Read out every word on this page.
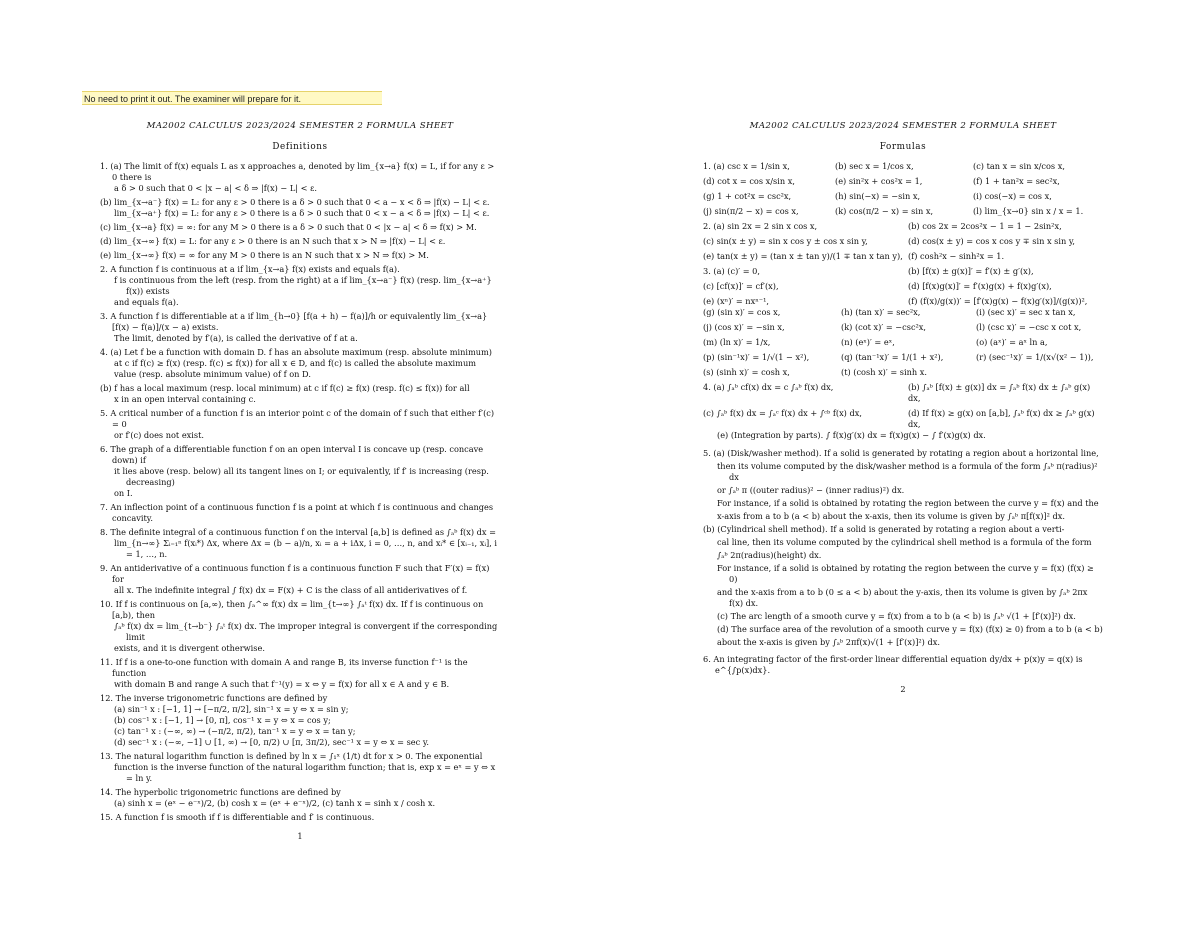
No need to print it out. The examiner will prepare for it.
MA2002 CALCULUS 2023/2024 SEMESTER 2 FORMULA SHEET
Definitions
1. (a) The limit of f(x) equals L as x approaches a, denoted by lim_{x→a} f(x) = L, if for any ε > 0 there is
a δ > 0 such that 0 < |x − a| < δ ⇒ |f(x) − L| < ε.
(b) lim_{x→a⁻} f(x) = L: for any ε > 0 there is a δ > 0 such that 0 < a − x < δ ⇒ |f(x) − L| < ε.
lim_{x→a⁺} f(x) = L: for any ε > 0 there is a δ > 0 such that 0 < x − a < δ ⇒ |f(x) − L| < ε.
(c) lim_{x→a} f(x) = ∞: for any M > 0 there is a δ > 0 such that 0 < |x − a| < δ ⇒ f(x) > M.
(d) lim_{x→∞} f(x) = L: for any ε > 0 there is an N such that x > N ⇒ |f(x) − L| < ε.
(e) lim_{x→∞} f(x) = ∞ for any M > 0 there is an N such that x > N ⇒ f(x) > M.
2. A function f is continuous at a if lim_{x→a} f(x) exists and equals f(a).
f is continuous from the left (resp. from the right) at a if lim_{x→a⁻} f(x) (resp. lim_{x→a⁺} f(x)) exists
and equals f(a).
3. A function f is differentiable at a if lim_{h→0} [f(a + h) − f(a)]/h or equivalently lim_{x→a} [f(x) − f(a)]/(x − a) exists.
The limit, denoted by f′(a), is called the derivative of f at a.
4. (a) Let f be a function with domain D. f has an absolute maximum (resp. absolute minimum)
at c if f(c) ≥ f(x) (resp. f(c) ≤ f(x)) for all x ∈ D, and f(c) is called the absolute maximum
value (resp. absolute minimum value) of f on D.
(b) f has a local maximum (resp. local minimum) at c if f(c) ≥ f(x) (resp. f(c) ≤ f(x)) for all
x in an open interval containing c.
5. A critical number of a function f is an interior point c of the domain of f such that either f′(c) = 0
or f′(c) does not exist.
6. The graph of a differentiable function f on an open interval I is concave up (resp. concave down) if
it lies above (resp. below) all its tangent lines on I; or equivalently, if f′ is increasing (resp. decreasing)
on I.
7. An inflection point of a continuous function f is a point at which f is continuous and changes concavity.
8. The definite integral of a continuous function f on the interval [a,b] is defined as ∫ₐᵇ f(x) dx =
lim_{n→∞} Σᵢ₌₁ⁿ f(xᵢ*) Δx, where Δx = (b − a)/n, xᵢ = a + iΔx, i = 0, …, n, and xᵢ* ∈ [xᵢ₋₁, xᵢ], i = 1, …, n.
9. An antiderivative of a continuous function f is a continuous function F such that F′(x) = f(x) for
all x. The indefinite integral ∫ f(x) dx = F(x) + C is the class of all antiderivatives of f.
10. If f is continuous on [a,∞), then ∫ₐ^∞ f(x) dx = lim_{t→∞} ∫ₐᵗ f(x) dx. If f is continuous on [a,b), then
∫ₐᵇ f(x) dx = lim_{t→b⁻} ∫ₐᵗ f(x) dx. The improper integral is convergent if the corresponding limit
exists, and it is divergent otherwise.
11. If f is a one-to-one function with domain A and range B, its inverse function f⁻¹ is the function
with domain B and range A such that f⁻¹(y) = x ⇔ y = f(x) for all x ∈ A and y ∈ B.
12. The inverse trigonometric functions are defined by
(a) sin⁻¹ x : [−1, 1] → [−π/2, π/2], sin⁻¹ x = y ⇔ x = sin y;
(b) cos⁻¹ x : [−1, 1] → [0, π], cos⁻¹ x = y ⇔ x = cos y;
(c) tan⁻¹ x : (−∞, ∞) → (−π/2, π/2), tan⁻¹ x = y ⇔ x = tan y;
(d) sec⁻¹ x : (−∞, −1] ∪ [1, ∞) → [0, π/2) ∪ [π, 3π/2), sec⁻¹ x = y ⇔ x = sec y.
13. The natural logarithm function is defined by ln x = ∫₁ˣ (1/t) dt for x > 0. The exponential
function is the inverse function of the natural logarithm function; that is, exp x = eˣ = y ⇔ x = ln y.
14. The hyperbolic trigonometric functions are defined by
(a) sinh x = (eˣ − e⁻ˣ)/2, (b) cosh x = (eˣ + e⁻ˣ)/2, (c) tanh x = sinh x / cosh x.
15. A function f is smooth if f is differentiable and f′ is continuous.
1
MA2002 CALCULUS 2023/2024 SEMESTER 2 FORMULA SHEET
Formulas
1. (a) csc x = 1/sin x,	(b) sec x = 1/cos x,	(c) tan x = sin x/cos x,
(d) cot x = cos x/sin x,	(e) sin²x + cos²x = 1,	(f) 1 + tan²x = sec²x,
(g) 1 + cot²x = csc²x,	(h) sin(−x) = −sin x,	(i) cos(−x) = cos x,
(j) sin(π/2 − x) = cos x,	(k) cos(π/2 − x) = sin x,	(l) lim_{x→0} sin x / x = 1.
2. (a) sin 2x = 2 sin x cos x,	(b) cos 2x = 2cos²x − 1 = 1 − 2sin²x,
(c) sin(x ± y) = sin x cos y ± cos x sin y,	(d) cos(x ± y) = cos x cos y ∓ sin x sin y,
(e) tan(x ± y) = (tan x ± tan y)/(1 ∓ tan x tan y), (f) cosh²x − sinh²x = 1.
3. (a) (c)′ = 0,	(b) [f(x) ± g(x)]′ = f′(x) ± g′(x),
(c) [cf(x)]′ = cf′(x),	(d) [f(x)g(x)]′ = f′(x)g(x) + f(x)g′(x),
(e) (xⁿ)′ = nxⁿ⁻¹,	(f) (f(x)/g(x))′ = [f′(x)g(x) − f(x)g′(x)]/(g(x))²,
(g) (sin x)′ = cos x,	(h) (tan x)′ = sec²x,	(i) (sec x)′ = sec x tan x,
(j) (cos x)′ = −sin x,	(k) (cot x)′ = −csc²x,	(l) (csc x)′ = −csc x cot x,
(m) (ln x)′ = 1/x,	(n) (eˣ)′ = eˣ,	(o) (aˣ)′ = aˣ ln a,
(p) (sin⁻¹x)′ = 1/√(1 − x²),	(q) (tan⁻¹x)′ = 1/(1 + x²),	(r) (sec⁻¹x)′ = 1/(x√(x² − 1)),
(s) (sinh x)′ = cosh x,	(t) (cosh x)′ = sinh x.
4. (a) ∫ₐᵇ cf(x) dx = c ∫ₐᵇ f(x) dx,	(b) ∫ₐᵇ [f(x) ± g(x)] dx = ∫ₐᵇ f(x) dx ± ∫ₐᵇ g(x) dx,
(c) ∫ₐᵇ f(x) dx = ∫ₐᶜ f(x) dx + ∫ᶜᵇ f(x) dx,	(d) If f(x) ≥ g(x) on [a,b], ∫ₐᵇ f(x) dx ≥ ∫ₐᵇ g(x) dx,
(e) (Integration by parts). ∫ f(x)g′(x) dx = f(x)g(x) − ∫ f′(x)g(x) dx.
5. (a) (Disk/washer method). If a solid is generated by rotating a region about a horizontal line,
then its volume computed by the disk/washer method is a formula of the form ∫ₐᵇ π(radius)² dx
or ∫ₐᵇ π ((outer radius)² − (inner radius)²) dx.
For instance, if a solid is obtained by rotating the region between the curve y = f(x) and the
x-axis from a to b (a < b) about the x-axis, then its volume is given by ∫ₐᵇ π[f(x)]² dx.
(b) (Cylindrical shell method). If a solid is generated by rotating a region about a verti-
cal line, then its volume computed by the cylindrical shell method is a formula of the form
∫ₐᵇ 2π(radius)(height) dx.
For instance, if a solid is obtained by rotating the region between the curve y = f(x) (f(x) ≥ 0)
and the x-axis from a to b (0 ≤ a < b) about the y-axis, then its volume is given by ∫ₐᵇ 2πx f(x) dx.
(c) The arc length of a smooth curve y = f(x) from a to b (a < b) is ∫ₐᵇ √(1 + [f′(x)]²) dx.
(d) The surface area of the revolution of a smooth curve y = f(x) (f(x) ≥ 0) from a to b (a < b)
about the x-axis is given by ∫ₐᵇ 2πf(x)√(1 + [f′(x)]²) dx.
6. An integrating factor of the first-order linear differential equation dy/dx + p(x)y = q(x) is e^{∫p(x)dx}.
2
